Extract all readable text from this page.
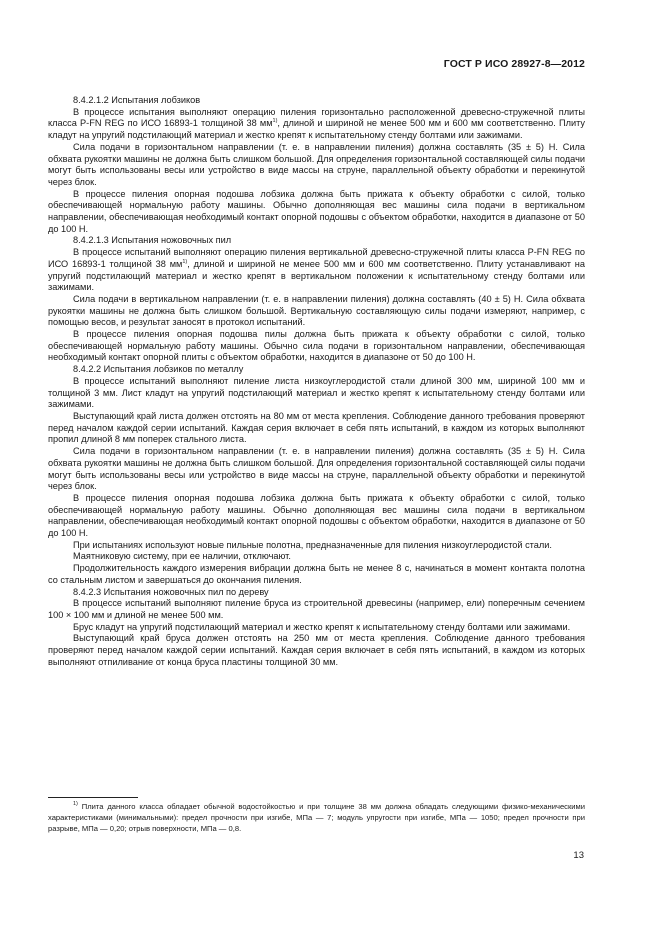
ГОСТ Р ИСО 28927-8—2012

8.4.2.1.2 Испытания лобзиков

В процессе испытания выполняют операцию пиления горизонтально расположенной древесно-стружечной плиты класса P-FN REG по ИСО 16893-1 толщиной 38 $мм^{1)}$, длиной и шириной не менее 500 мм и 600 мм соответственно. Плиту кладут на упругий подстилающий материал и жестко крепят к испытательному стенду болтами или зажимами.

Сила подачи в горизонтальном направлении (т. е. в направлении пиления) должна составлять (35 ± 5) Н. Сила обхвата рукоятки машины не должна быть слишком большой. Для определения горизонтальной составляющей силы подачи могут быть использованы весы или устройство в виде массы на струне, параллельной объекту обработки и перекинутой через блок.

В процессе пиления опорная подошва лобзика должна быть прижата к объекту обработки с силой, только обеспечивающей нормальную работу машины. Обычно дополняющая вес машины сила подачи в вертикальном направлении, обеспечивающая необходимый контакт опорной подошвы с объектом обработки, находится в диапазоне от 50 до 100 Н.

8.4.2.1.3 Испытания ножовочных пил

В процессе испытаний выполняют операцию пиления вертикальной древесно-стружечной плиты класса P-FN REG по ИСО 16893-1 толщиной 38 $мм^{1)}$, длиной и шириной не менее 500 мм и 600 мм соответственно. Плиту устанавливают на упругий подстилающий материал и жестко крепят в вертикальном положении к испытательному стенду болтами или зажимами.

Сила подачи в вертикальном направлении (т. е. в направлении пиления) должна составлять (40 ± 5) Н. Сила обхвата рукоятки машины не должна быть слишком большой. Вертикальную составляющую силы подачи измеряют, например, с помощью весов, и результат заносят в протокол испытаний.

В процессе пиления опорная подошва пилы должна быть прижата к объекту обработки с силой, только обеспечивающей нормальную работу машины. Обычно сила подачи в горизонтальном направлении, обеспечивающая необходимый контакт опорной плиты с объектом обработки, находится в диапазоне от 50 до 100 Н.

8.4.2.2 Испытания лобзиков по металлу

В процессе испытаний выполняют пиление листа низкоуглеродистой стали длиной 300 мм, шириной 100 мм и толщиной 3 мм. Лист кладут на упругий подстилающий материал и жестко крепят к испытательному стенду болтами или зажимами.

Выступающий край листа должен отстоять на 80 мм от места крепления. Соблюдение данного требования проверяют перед началом каждой серии испытаний. Каждая серия включает в себя пять испытаний, в каждом из которых выполняют пропил длиной 8 мм поперек стального листа.

Сила подачи в горизонтальном направлении (т. е. в направлении пиления) должна составлять (35 ± 5) Н. Сила обхвата рукоятки машины не должна быть слишком большой. Для определения горизонтальной составляющей силы подачи могут быть использованы весы или устройство в виде массы на струне, параллельной объекту обработки и перекинутой через блок.

В процессе пиления опорная подошва лобзика должна быть прижата к объекту обработки с силой, только обеспечивающей нормальную работу машины. Обычно дополняющая вес машины сила подачи в вертикальном направлении, обеспечивающая необходимый контакт опорной подошвы с объектом обработки, находится в диапазоне от 50 до 100 Н.

При испытаниях используют новые пильные полотна, предназначенные для пиления низкоуглеродистой стали.

Маятниковую систему, при ее наличии, отключают.

Продолжительность каждого измерения вибрации должна быть не менее 8 с, начинаться в момент контакта полотна со стальным листом и завершаться до окончания пиления.

8.4.2.3 Испытания ножовочных пил по дереву

В процессе испытаний выполняют пиление бруса из строительной древесины (например, ели) поперечным сечением 100 × 100 мм и длиной не менее 500 мм.

Брус кладут на упругий подстилающий материал и жестко крепят к испытательному стенду болтами или зажимами.

Выступающий край бруса должен отстоять на 250 мм от места крепления. Соблюдение данного требования проверяют перед началом каждой серии испытаний. Каждая серия включает в себя пять испытаний, в каждом из которых выполняют отпиливание от конца бруса пластины толщиной 30 мм.

$^{1)}$ Плита данного класса обладает обычной водостойкостью и при толщине 38 мм должна обладать следующими физико-механическими характеристиками (минимальными): предел прочности при изгибе, МПа — 7; модуль упругости при изгибе, МПа — 1050; предел прочности при разрыве, МПа — 0,20; отрыв поверхности, МПа — 0,8.

13
